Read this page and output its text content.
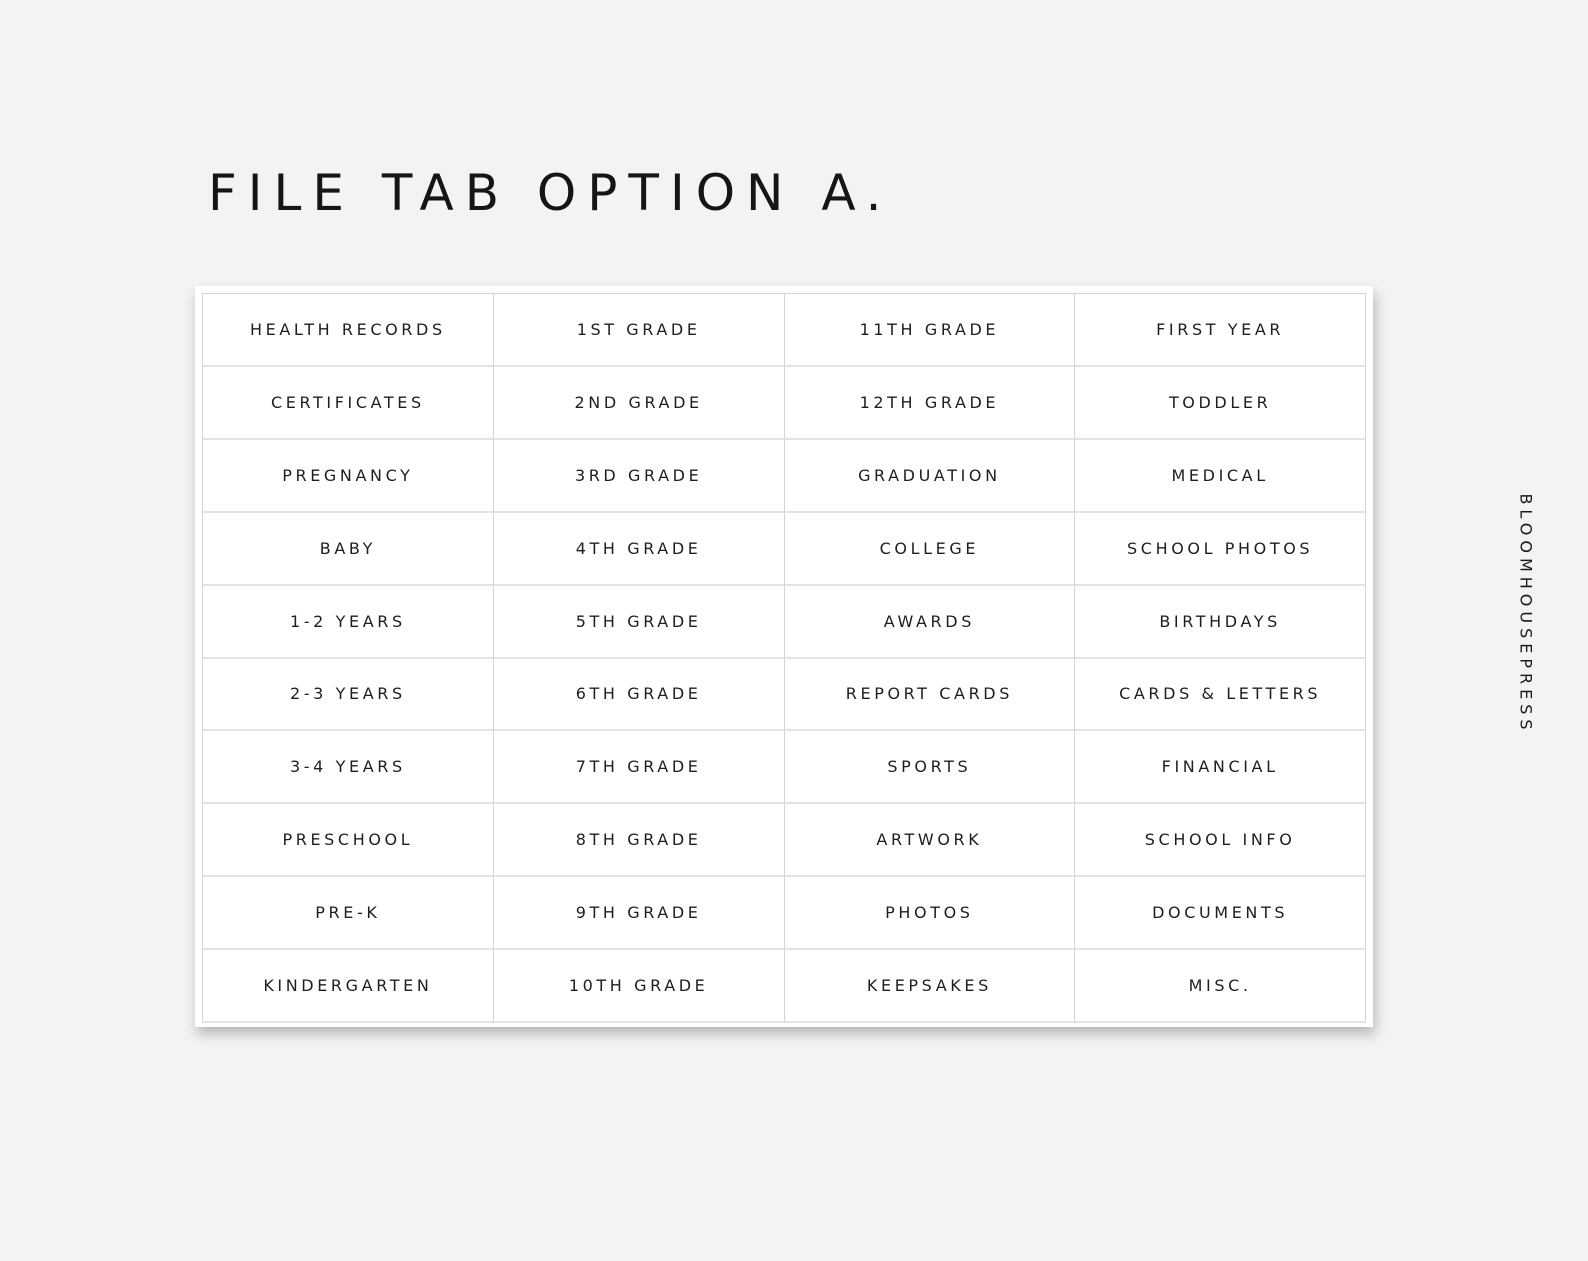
FILE TAB OPTION A.
HEALTH RECORDS	1ST GRADE	11TH GRADE	FIRST YEAR
CERTIFICATES	2ND GRADE	12TH GRADE	TODDLER
PREGNANCY	3RD GRADE	GRADUATION	MEDICAL
BABY	4TH GRADE	COLLEGE	SCHOOL PHOTOS
1-2 YEARS	5TH GRADE	AWARDS	BIRTHDAYS
2-3 YEARS	6TH GRADE	REPORT CARDS	CARDS & LETTERS
3-4 YEARS	7TH GRADE	SPORTS	FINANCIAL
PRESCHOOL	8TH GRADE	ARTWORK	SCHOOL INFO
PRE-K	9TH GRADE	PHOTOS	DOCUMENTS
KINDERGARTEN	10TH GRADE	KEEPSAKES	MISC.
BLOOMHOUSEPRESS
